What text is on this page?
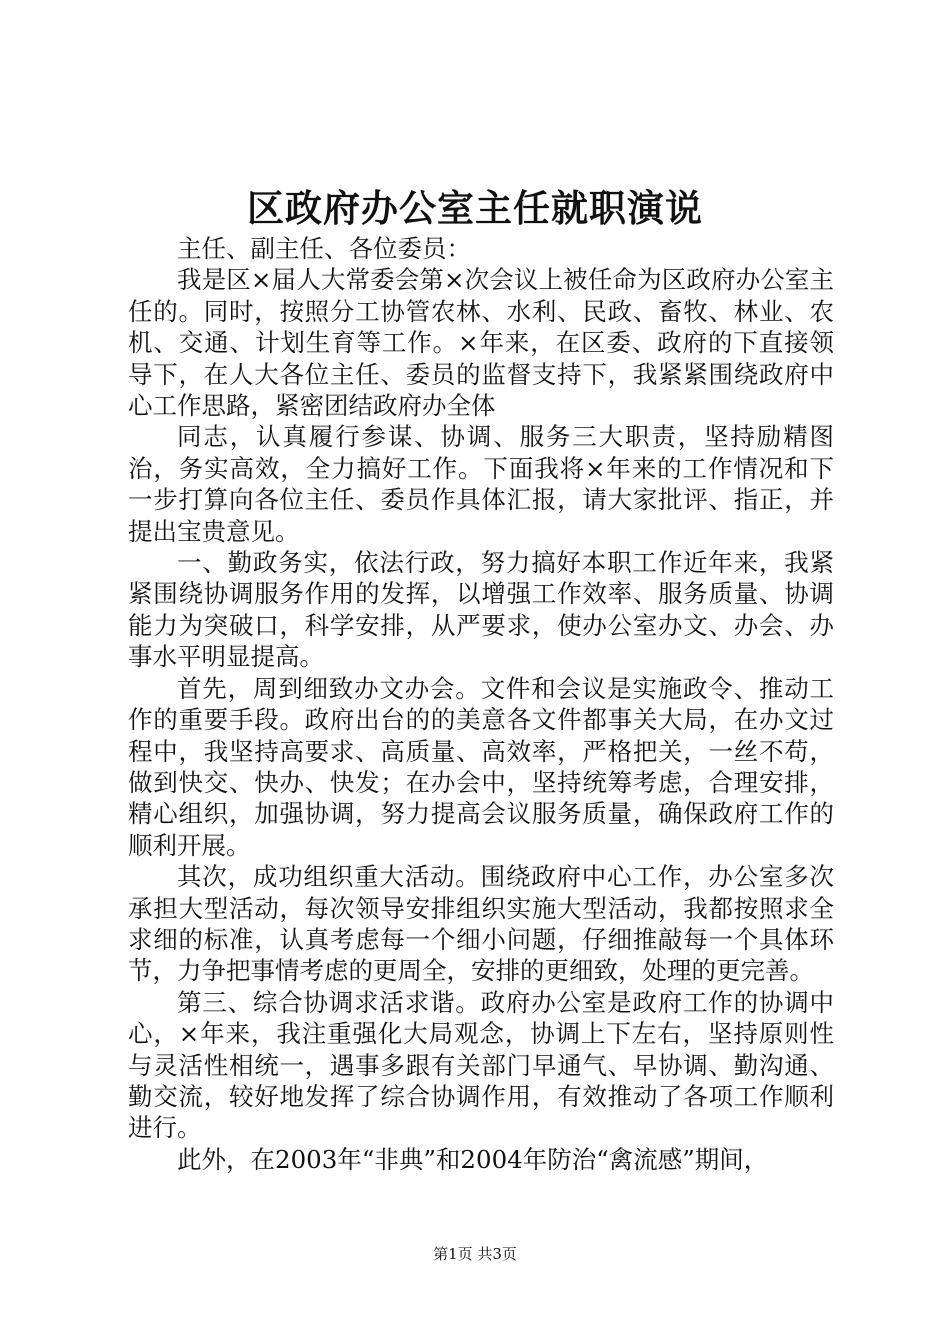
区政府办公室主任就职演说

主任、副主任、各位委员：

我是区×届人大常委会第×次会议上被任命为区政府办公室主任的。同时，按照分工协管农林、水利、民政、畜牧、林业、农机、交通、计划生育等工作。×年来，在区委、政府的下直接领导下，在人大各位主任、委员的监督支持下，我紧紧围绕政府中心工作思路，紧密团结政府办全体

同志，认真履行参谋、协调、服务三大职责，坚持励精图治，务实高效，全力搞好工作。下面我将×年来的工作情况和下一步打算向各位主任、委员作具体汇报，请大家批评、指正，并提出宝贵意见。

一、勤政务实，依法行政，努力搞好本职工作近年来，我紧紧围绕协调服务作用的发挥，以增强工作效率、服务质量、协调能力为突破口，科学安排，从严要求，使办公室办文、办会、办事水平明显提高。

首先，周到细致办文办会。文件和会议是实施政令、推动工作的重要手段。政府出台的的美意各文件都事关大局，在办文过程中，我坚持高要求、高质量、高效率，严格把关，一丝不苟，做到快交、快办、快发；在办会中，坚持统筹考虑，合理安排，精心组织，加强协调，努力提高会议服务质量，确保政府工作的顺利开展。

其次，成功组织重大活动。围绕政府中心工作，办公室多次承担大型活动，每次领导安排组织实施大型活动，我都按照求全求细的标准，认真考虑每一个细小问题，仔细推敲每一个具体环节，力争把事情考虑的更周全，安排的更细致，处理的更完善。

第三、综合协调求活求谐。政府办公室是政府工作的协调中心，×年来，我注重强化大局观念，协调上下左右，坚持原则性与灵活性相统一，遇事多跟有关部门早通气、早协调、勤沟通、勤交流，较好地发挥了综合协调作用，有效推动了各项工作顺利进行。

此外，在2003年“非典”和2004年防治“禽流感”期间，

第1页 共3页
